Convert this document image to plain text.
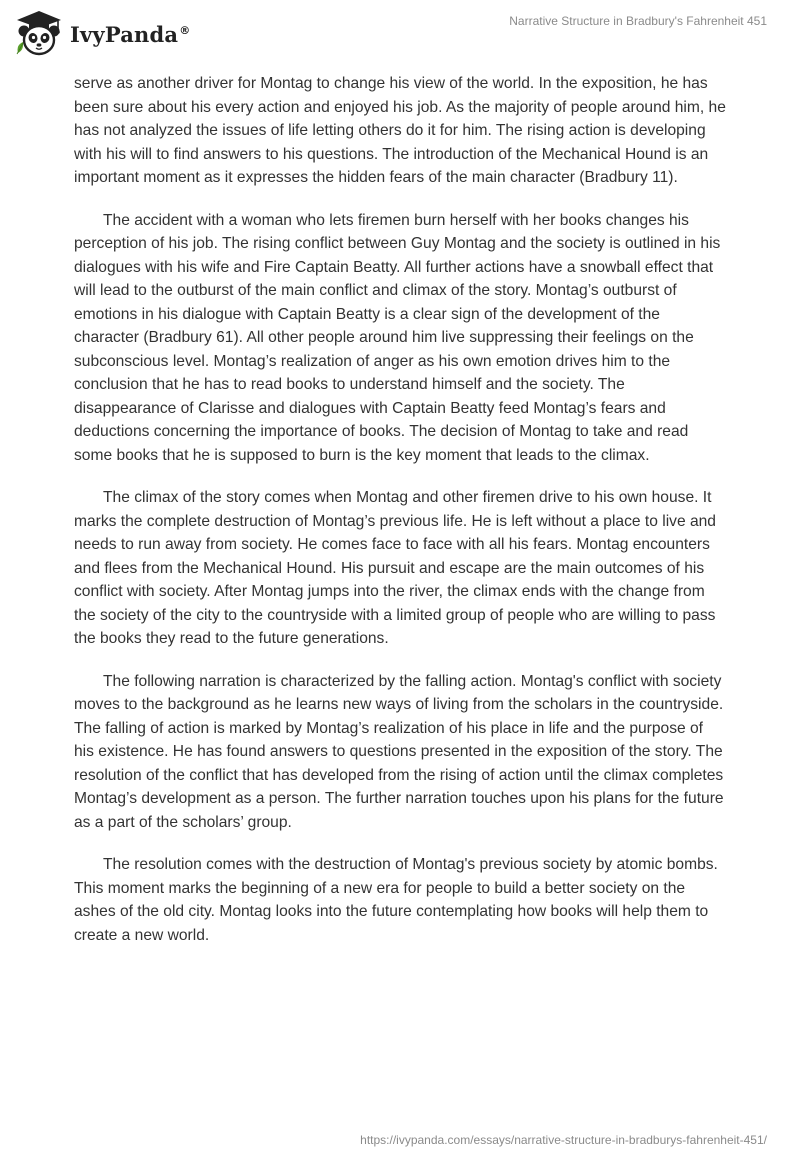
IvyPanda®
Narrative Structure in Bradbury's Fahrenheit 451

serve as another driver for Montag to change his view of the world. In the exposition, he has been sure about his every action and enjoyed his job. As the majority of people around him, he has not analyzed the issues of life letting others do it for him. The rising action is developing with his will to find answers to his questions. The introduction of the Mechanical Hound is an important moment as it expresses the hidden fears of the main character (Bradbury 11).

The accident with a woman who lets firemen burn herself with her books changes his perception of his job. The rising conflict between Guy Montag and the society is outlined in his dialogues with his wife and Fire Captain Beatty. All further actions have a snowball effect that will lead to the outburst of the main conflict and climax of the story. Montag’s outburst of emotions in his dialogue with Captain Beatty is a clear sign of the development of the character (Bradbury 61). All other people around him live suppressing their feelings on the subconscious level. Montag’s realization of anger as his own emotion drives him to the conclusion that he has to read books to understand himself and the society. The disappearance of Clarisse and dialogues with Captain Beatty feed Montag’s fears and deductions concerning the importance of books. The decision of Montag to take and read some books that he is supposed to burn is the key moment that leads to the climax.

The climax of the story comes when Montag and other firemen drive to his own house. It marks the complete destruction of Montag’s previous life. He is left without a place to live and needs to run away from society. He comes face to face with all his fears. Montag encounters and flees from the Mechanical Hound. His pursuit and escape are the main outcomes of his conflict with society. After Montag jumps into the river, the climax ends with the change from the society of the city to the countryside with a limited group of people who are willing to pass the books they read to the future generations.

The following narration is characterized by the falling action. Montag's conflict with society moves to the background as he learns new ways of living from the scholars in the countryside. The falling of action is marked by Montag’s realization of his place in life and the purpose of his existence. He has found answers to questions presented in the exposition of the story. The resolution of the conflict that has developed from the rising of action until the climax completes Montag’s development as a person. The further narration touches upon his plans for the future as a part of the scholars’ group.

The resolution comes with the destruction of Montag's previous society by atomic bombs. This moment marks the beginning of a new era for people to build a better society on the ashes of the old city. Montag looks into the future contemplating how books will help them to create a new world.

https://ivypanda.com/essays/narrative-structure-in-bradburys-fahrenheit-451/
